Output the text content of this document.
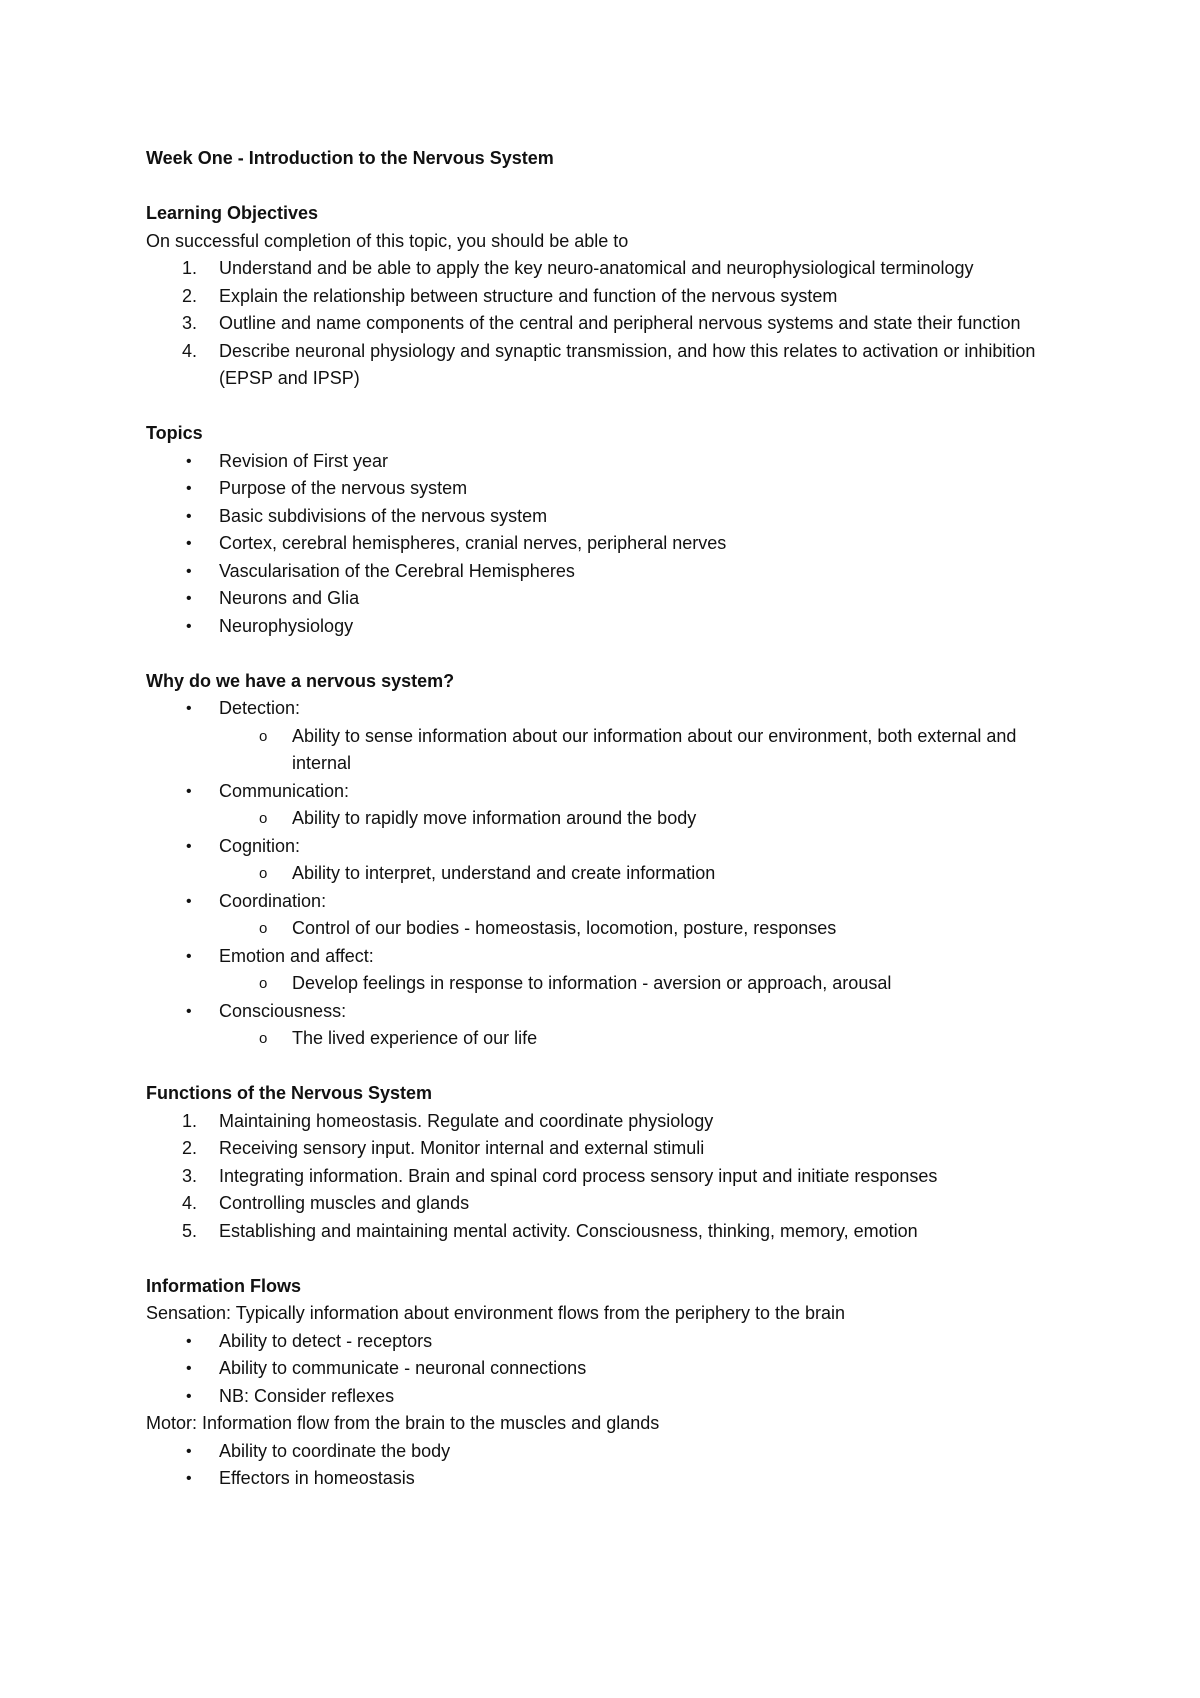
Week One - Introduction to the Nervous System

Learning Objectives

On successful completion of this topic, you should be able to

1.	Understand and be able to apply the key neuro-anatomical and neurophysiological terminology
2.	Explain the relationship between structure and function of the nervous system
3.	Outline and name components of the central and peripheral nervous systems and state their function
4.	Describe neuronal physiology and synaptic transmission, and how this relates to activation or inhibition (EPSP and IPSP)

Topics

•	Revision of First year
•	Purpose of the nervous system
•	Basic subdivisions of the nervous system
•	Cortex, cerebral hemispheres, cranial nerves, peripheral nerves
•	Vascularisation of the Cerebral Hemispheres
•	Neurons and Glia
•	Neurophysiology

Why do we have a nervous system?

•	Detection:
o Ability to sense information about our information about our environment, both external and internal
•	Communication:
o Ability to rapidly move information around the body
•	Cognition:
o Ability to interpret, understand and create information
•	Coordination:
o Control of our bodies - homeostasis, locomotion, posture, responses
•	Emotion and affect:
o Develop feelings in response to information - aversion or approach, arousal
•	Consciousness:
o The lived experience of our life

Functions of the Nervous System

1.	Maintaining homeostasis. Regulate and coordinate physiology
2.	Receiving sensory input. Monitor internal and external stimuli
3.	Integrating information. Brain and spinal cord process sensory input and initiate responses
4.	Controlling muscles and glands
5.	Establishing and maintaining mental activity. Consciousness, thinking, memory, emotion

Information Flows

Sensation: Typically information about environment flows from the periphery to the brain

•	Ability to detect - receptors
•	Ability to communicate - neuronal connections
•	NB: Consider reflexes

Motor: Information flow from the brain to the muscles and glands

•	Ability to coordinate the body
•	Effectors in homeostasis
